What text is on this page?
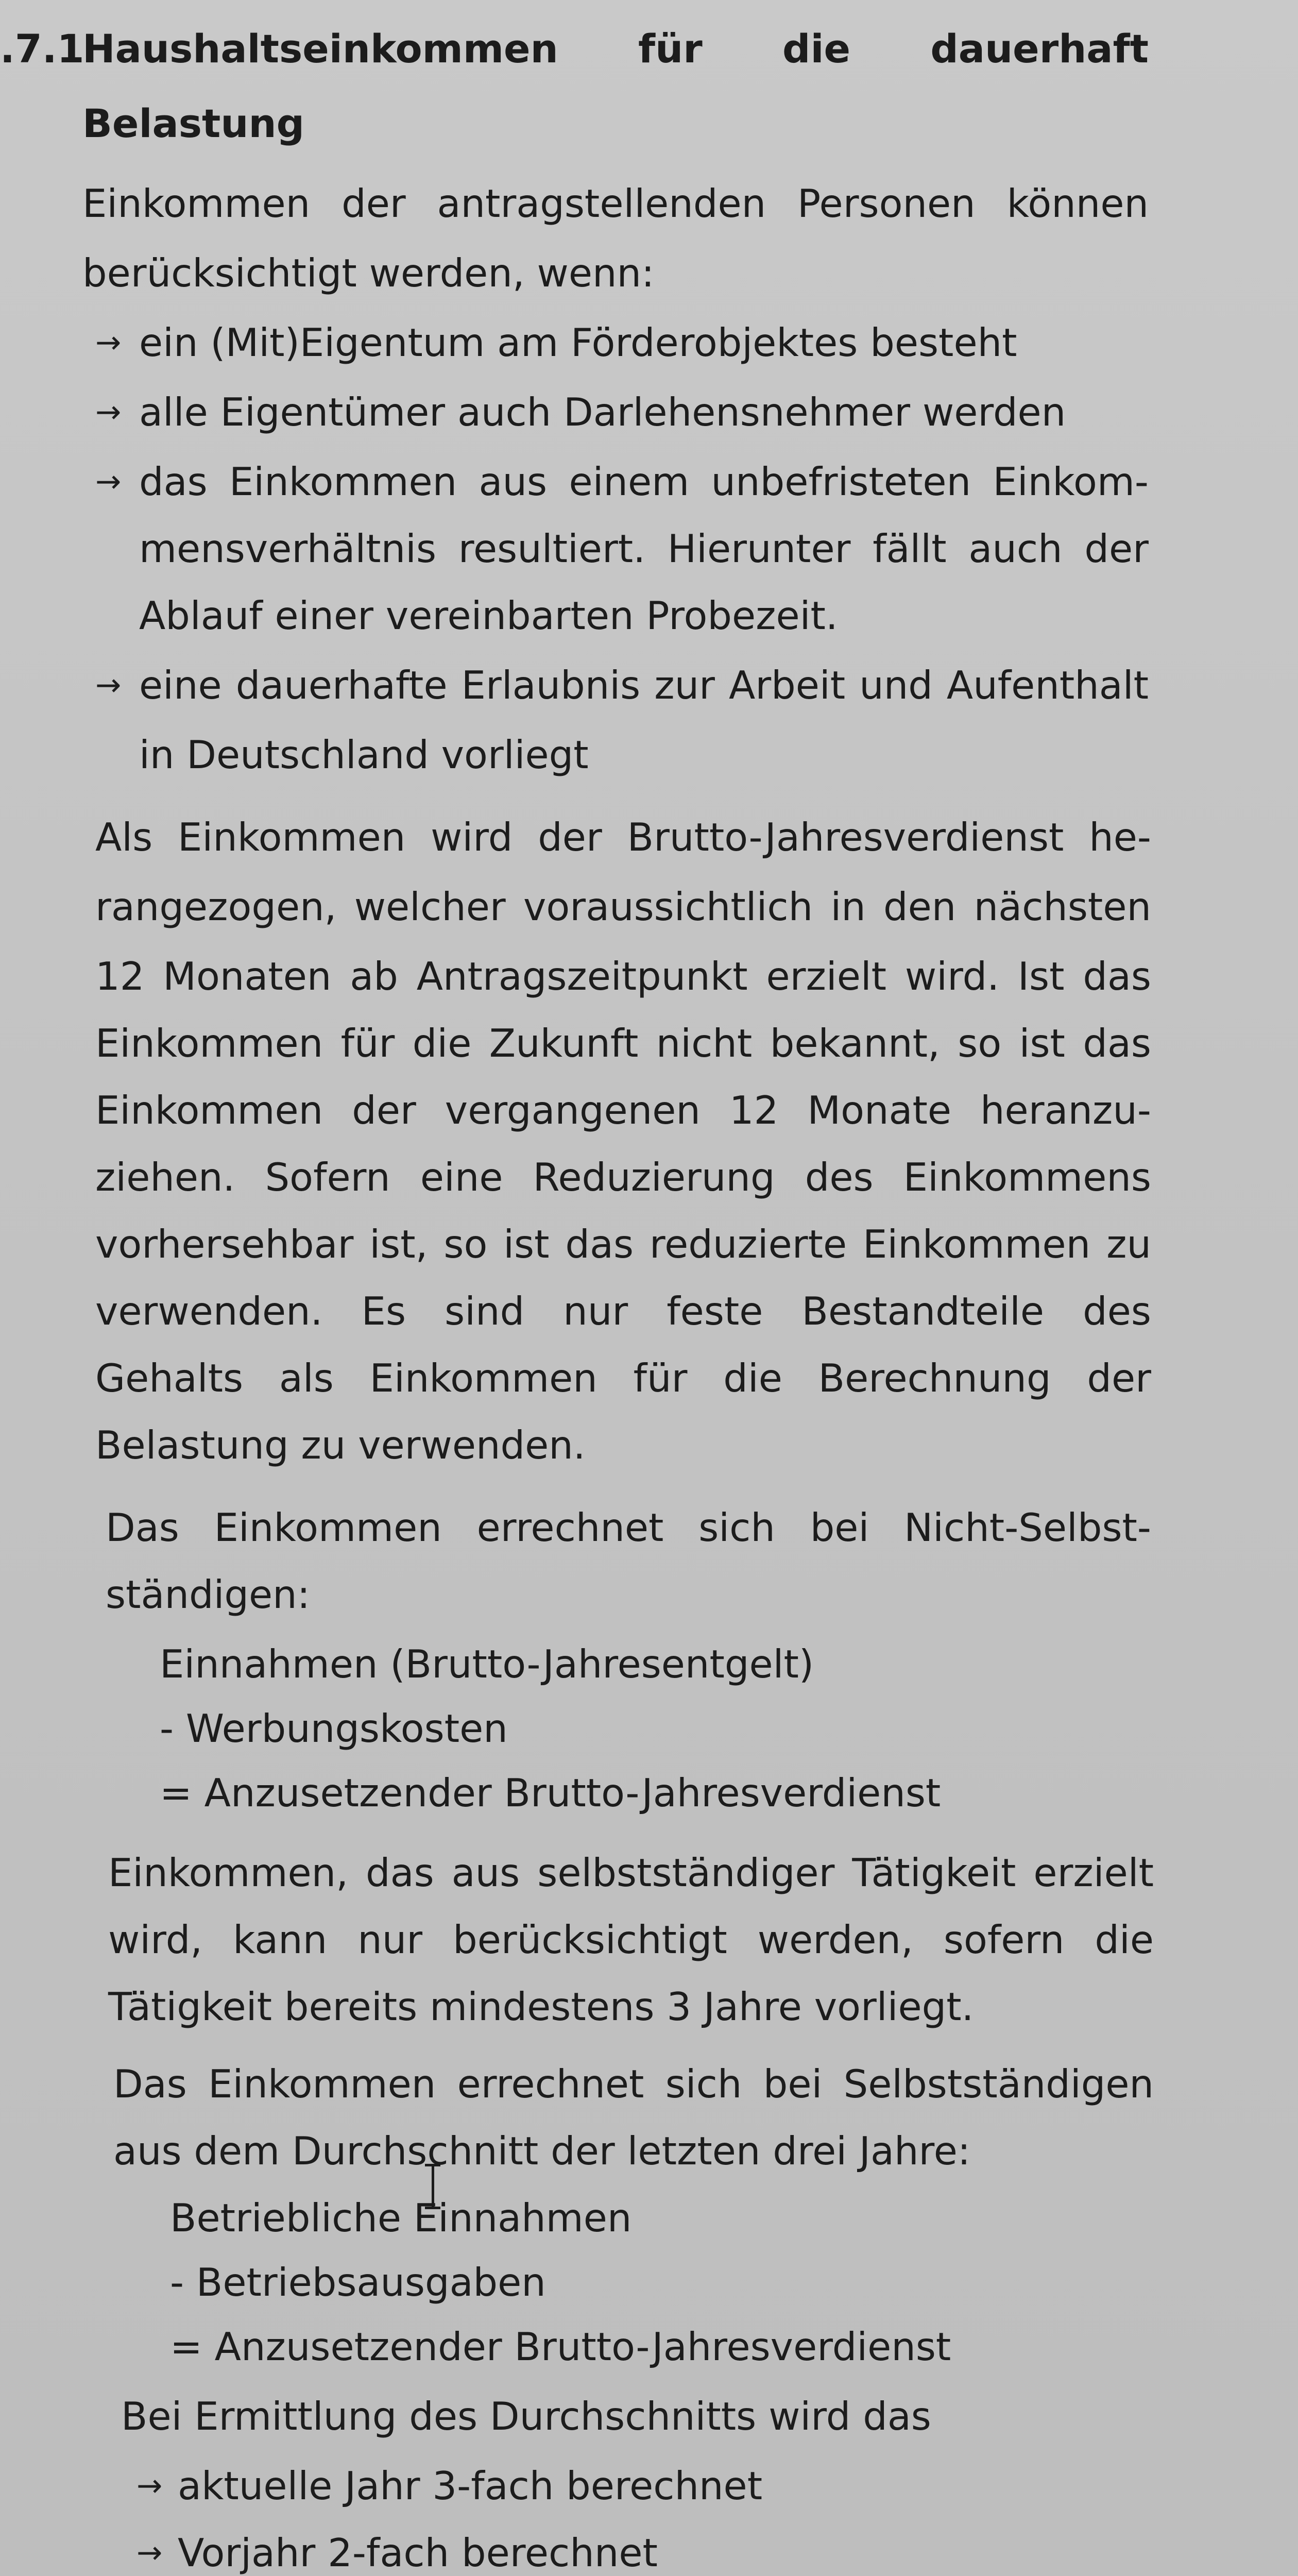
.7.1
Haushaltseinkommen für die dauerhaft
Belastung
Einkommen der antragstellenden Personen können
berücksichtigt werden, wenn:
→ ein (Mit)Eigentum am Förderobjektes besteht
→ alle Eigentümer auch Darlehensnehmer werden
→ das Einkommen aus einem unbefristeten Einkom-
mensverhältnis resultiert. Hierunter fällt auch der
Ablauf einer vereinbarten Probezeit.
→ eine dauerhafte Erlaubnis zur Arbeit und Aufenthalt
in Deutschland vorliegt
Als Einkommen wird der Brutto-Jahresverdienst he-
rangezogen, welcher voraussichtlich in den nächsten
12 Monaten ab Antragszeitpunkt erzielt wird. Ist das
Einkommen für die Zukunft nicht bekannt, so ist das
Einkommen der vergangenen 12 Monate heranzu-
ziehen. Sofern eine Reduzierung des Einkommens
vorhersehbar ist, so ist das reduzierte Einkommen zu
verwenden. Es sind nur feste Bestandteile des
Gehalts als Einkommen für die Berechnung der
Belastung zu verwenden.
Das Einkommen errechnet sich bei Nicht-Selbst-
ständigen:
Einnahmen (Brutto-Jahresentgelt)
- Werbungskosten
= Anzusetzender Brutto-Jahresverdienst
Einkommen, das aus selbstständiger Tätigkeit erzielt
wird, kann nur berücksichtigt werden, sofern die
Tätigkeit bereits mindestens 3 Jahre vorliegt.
Das Einkommen errechnet sich bei Selbstständigen
aus dem Durchschnitt der letzten drei Jahre:
Betriebliche Einnahmen
- Betriebsausgaben
= Anzusetzender Brutto-Jahresverdienst
Bei Ermittlung des Durchschnitts wird das
→ aktuelle Jahr 3-fach berechnet
→ Vorjahr 2-fach berechnet
